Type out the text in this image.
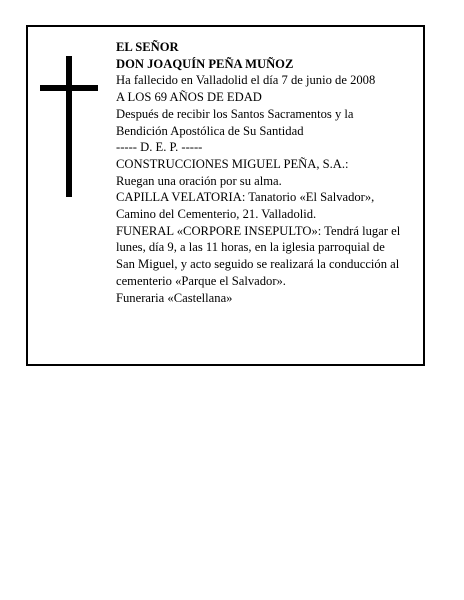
EL SEÑOR
DON JOAQUÍN PEÑA MUÑOZ
Ha fallecido en Valladolid el día 7 de junio de 2008
A LOS 69 AÑOS DE EDAD
Después de recibir los Santos Sacramentos y la
Bendición Apostólica de Su Santidad
----- D. E. P. -----
CONSTRUCCIONES MIGUEL PEÑA, S.A.:
Ruegan una oración por su alma.
CAPILLA VELATORIA: Tanatorio «El Salvador»,
Camino del Cementerio, 21. Valladolid.
FUNERAL «CORPORE INSEPULTO»: Tendrá lugar el
lunes, día 9, a las 11 horas, en la iglesia parroquial de
San Miguel, y acto seguido se realizará la conducción al
cementerio «Parque el Salvador».
Funeraria «Castellana»
